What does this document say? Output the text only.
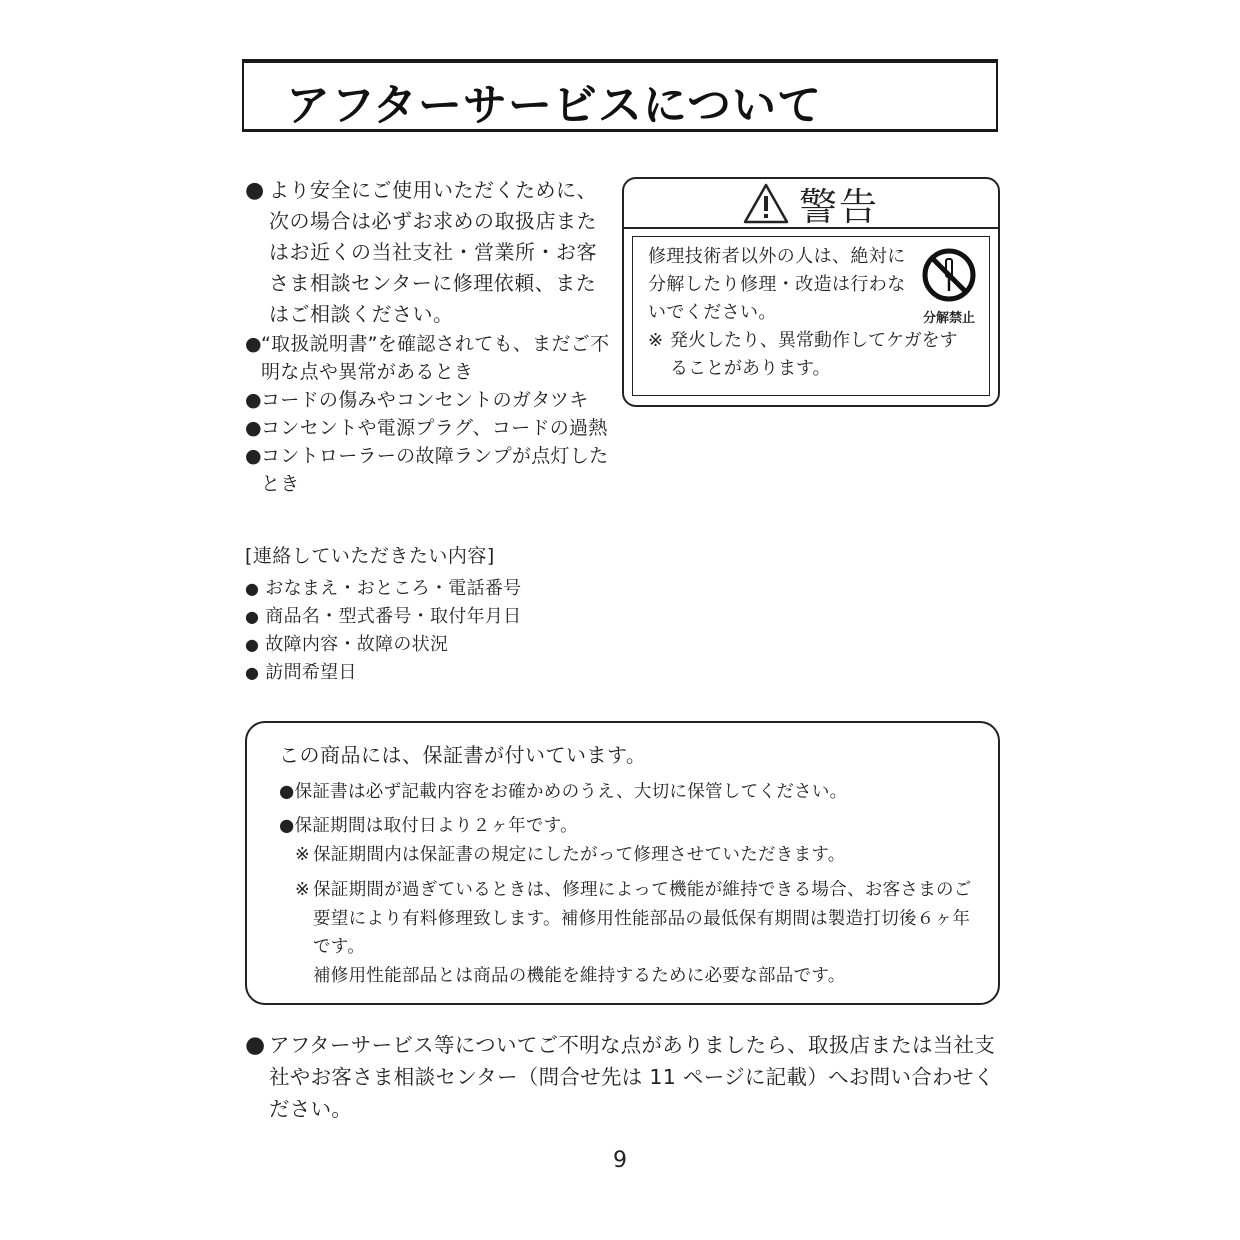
アフターサービスについて
● より安全にご使用いただくために、次の場合は必ずお求めの取扱店またはお近くの当社支社・営業所・お客さま相談センターに修理依頼、またはご相談ください。
● “取扱説明書”を確認されても、まだご不明な点や異常があるとき
● コードの傷みやコンセントのガタツキ
● コンセントや電源プラグ、コードの過熱
● コントローラーの故障ランプが点灯したとき
警告
修理技術者以外の人は、絶対に分解したり修理・改造は行わないでください。
※ 発火したり、異常動作してケガをすることがあります。
分解禁止
[連絡していただきたい内容]
● おなまえ・おところ・電話番号
● 商品名・型式番号・取付年月日
● 故障内容・故障の状況
● 訪問希望日
この商品には、保証書が付いています。
●保証書は必ず記載内容をお確かめのうえ、大切に保管してください。
●保証期間は取付日より２ヶ年です。
※ 保証期間内は保証書の規定にしたがって修理させていただきます。
※ 保証期間が過ぎているときは、修理によって機能が維持できる場合、お客さまのご要望により有料修理致します。補修用性能部品の最低保有期間は製造打切後６ヶ年です。
補修用性能部品とは商品の機能を維持するために必要な部品です。
● アフターサービス等についてご不明な点がありましたら、取扱店または当社支社やお客さま相談センター（問合せ先は 11 ページに記載）へお問い合わせください。
9
